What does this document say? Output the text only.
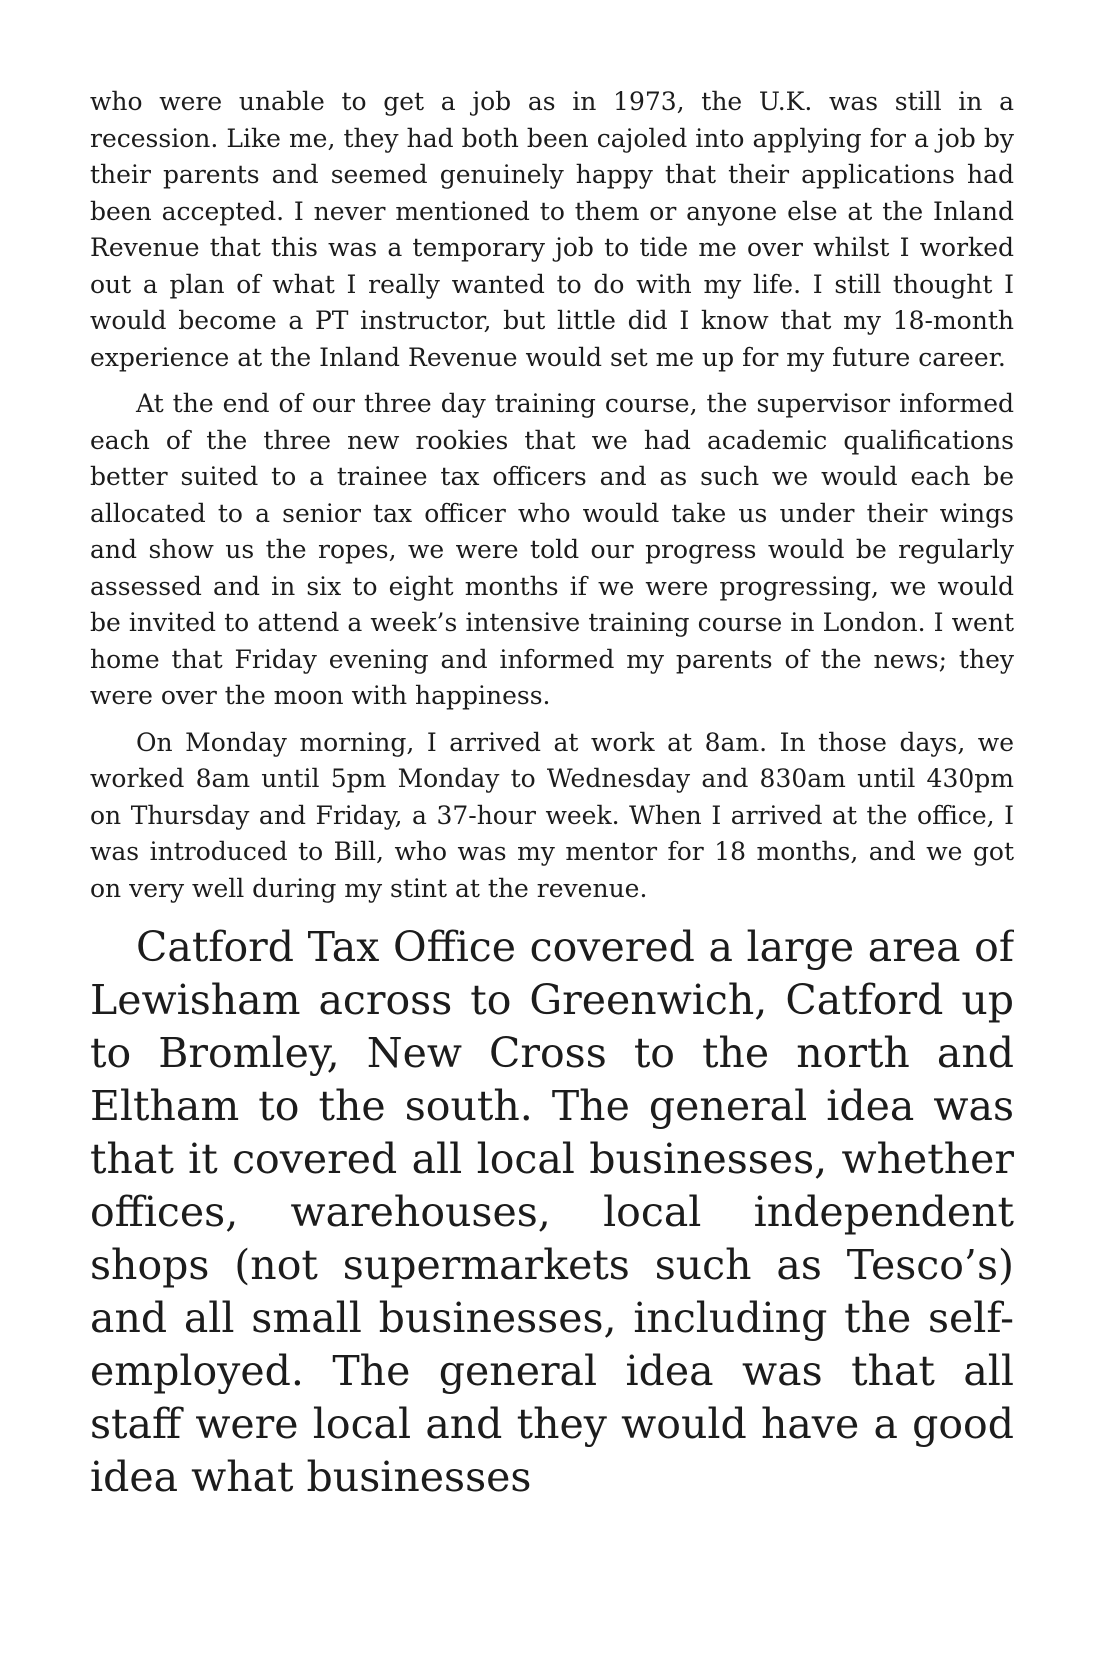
who were unable to get a job as in 1973, the U.K. was still in a recession. Like me, they had both been cajoled into applying for a job by their parents and seemed genuinely happy that their applications had been accepted. I never mentioned to them or anyone else at the Inland Revenue that this was a temporary job to tide me over whilst I worked out a plan of what I really wanted to do with my life. I still thought I would become a PT instructor, but little did I know that my 18-month experience at the Inland Revenue would set me up for my future career.

At the end of our three day training course, the supervisor informed each of the three new rookies that we had academic qualifications better suited to a trainee tax officers and as such we would each be allocated to a senior tax officer who would take us under their wings and show us the ropes, we were told our progress would be regularly assessed and in six to eight months if we were progressing, we would be invited to attend a week’s intensive training course in London. I went home that Friday evening and informed my parents of the news; they were over the moon with happiness.

On Monday morning, I arrived at work at 8am. In those days, we worked 8am until 5pm Monday to Wednesday and 830am until 430pm on Thursday and Friday, a 37-hour week. When I arrived at the office, I was introduced to Bill, who was my mentor for 18 months, and we got on very well during my stint at the revenue.

Catford Tax Office covered a large area of Lewisham across to Greenwich, Catford up to Bromley, New Cross to the north and Eltham to the south. The general idea was that it covered all local businesses, whether offices, warehouses, local independent shops (not supermarkets such as Tesco’s) and all small businesses, including the self-employed. The general idea was that all staff were local and they would have a good idea what businesses
